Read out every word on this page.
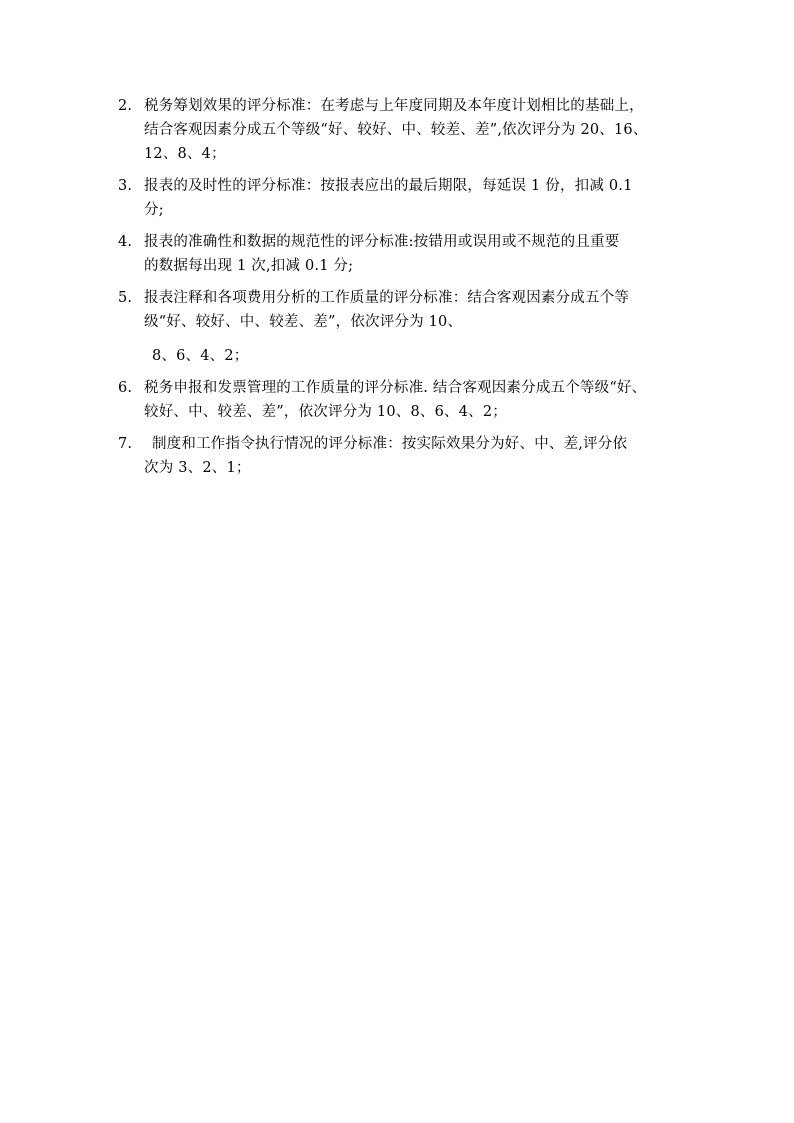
2. 税务筹划效果的评分标准：在考虑与上年度同期及本年度计划相比的基础上，
结合客观因素分成五个等级“好、较好、中、较差、差”,依次评分为 20、16、
12、8、4；
3. 报表的及时性的评分标准：按报表应出的最后期限，每延误 1 份，扣减 0.1
分;
4. 报表的准确性和数据的规范性的评分标准:按错用或误用或不规范的且重要
的数据每出现 1 次,扣减 0.1 分;
5. 报表注释和各项费用分析的工作质量的评分标准：结合客观因素分成五个等
级“好、较好、中、较差、差”，依次评分为 10、
8、6、4、2；
6. 税务申报和发票管理的工作质量的评分标准. 结合客观因素分成五个等级“好、
较好、中、较差、差”，依次评分为 10、8、6、4、2；
7.	制度和工作指令执行情况的评分标准：按实际效果分为好、中、差,评分依
次为 3、2、1；
